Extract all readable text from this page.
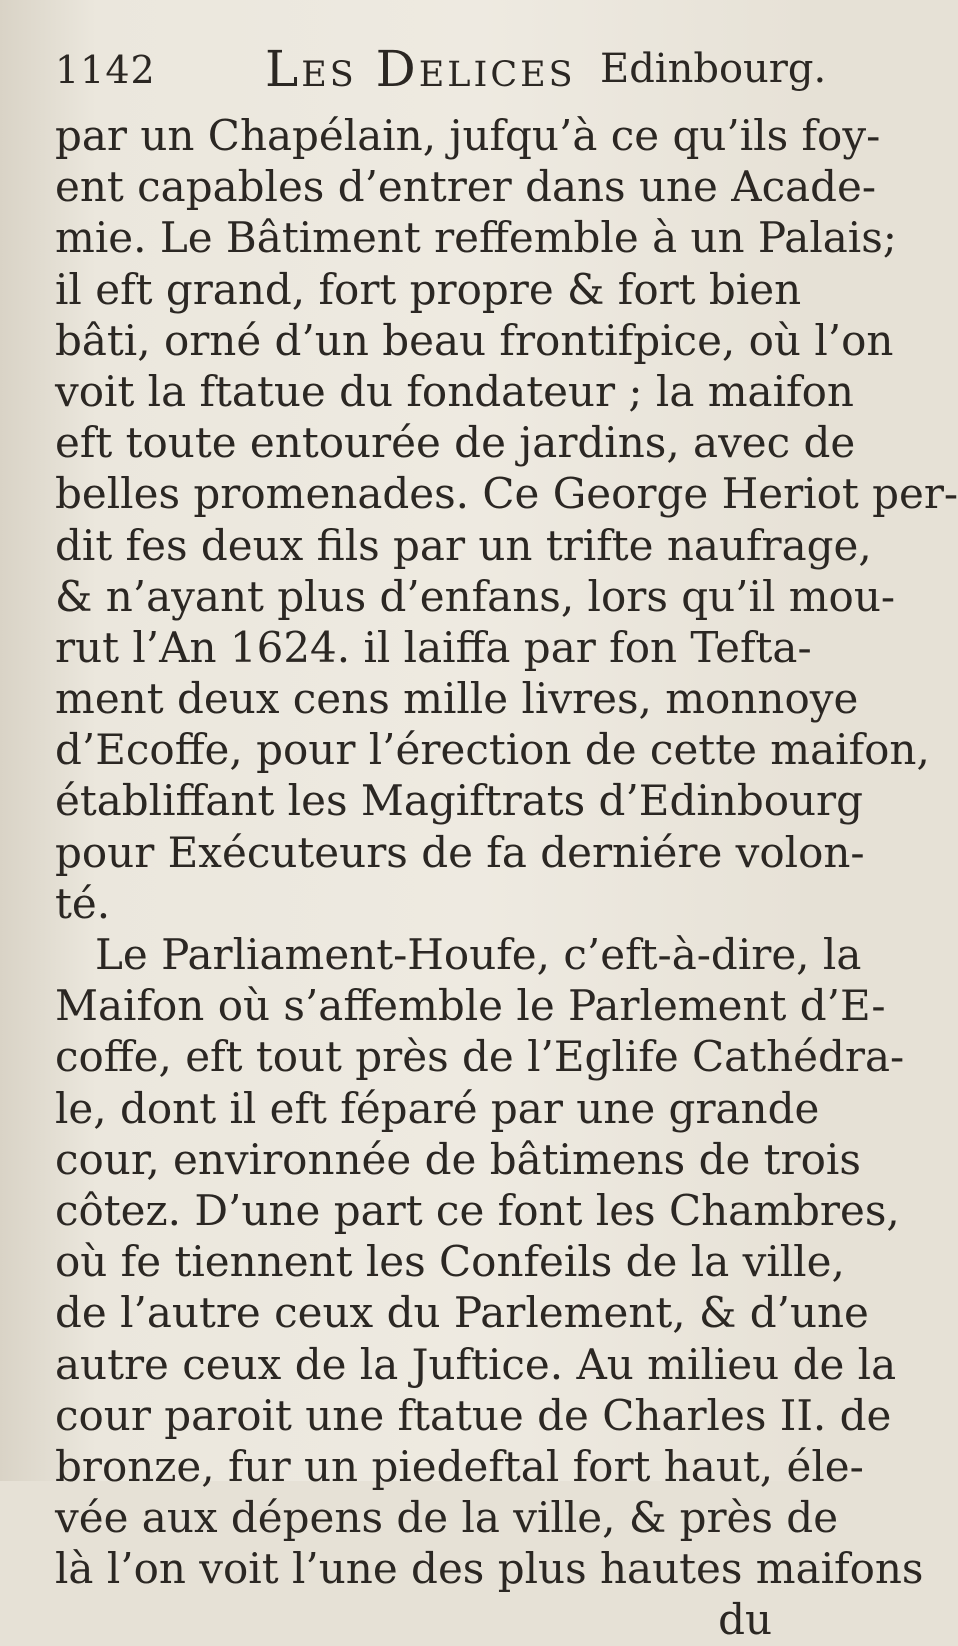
1142 Les Delices Edinbourg.
par un Chapélain, jufqu’à ce qu’ils foy-
ent capables d’entrer dans une Acade-
mie. Le Bâtiment reffemble à un Palais;
il eft grand, fort propre & fort bien
bâti, orné d’un beau frontifpice, où l’on
voit la ftatue du fondateur ; la maifon
eft toute entourée de jardins, avec de
belles promenades. Ce George Heriot per-
dit fes deux fils par un trifte naufrage,
& n’ayant plus d’enfans, lors qu’il mou-
rut l’An 1624. il laiffa par fon Tefta-
ment deux cens mille livres, monnoye
d’Ecoffe, pour l’érection de cette maifon,
établiffant les Magiftrats d’Edinbourg
pour Exécuteurs de fa derniére volon-
té.
Le Parliament-Houfe, c’eft-à-dire, la
Maifon où s’affemble le Parlement d’E-
coffe, eft tout près de l’Eglife Cathédra-
le, dont il eft féparé par une grande
cour, environnée de bâtimens de trois
côtez. D’une part ce font les Chambres,
où fe tiennent les Confeils de la ville,
de l’autre ceux du Parlement, & d’une
autre ceux de la Juftice. Au milieu de la
cour paroit une ftatue de Charles II. de
bronze, fur un piedeftal fort haut, éle-
vée aux dépens de la ville, & près de
là l’on voit l’une des plus hautes maifons
du
